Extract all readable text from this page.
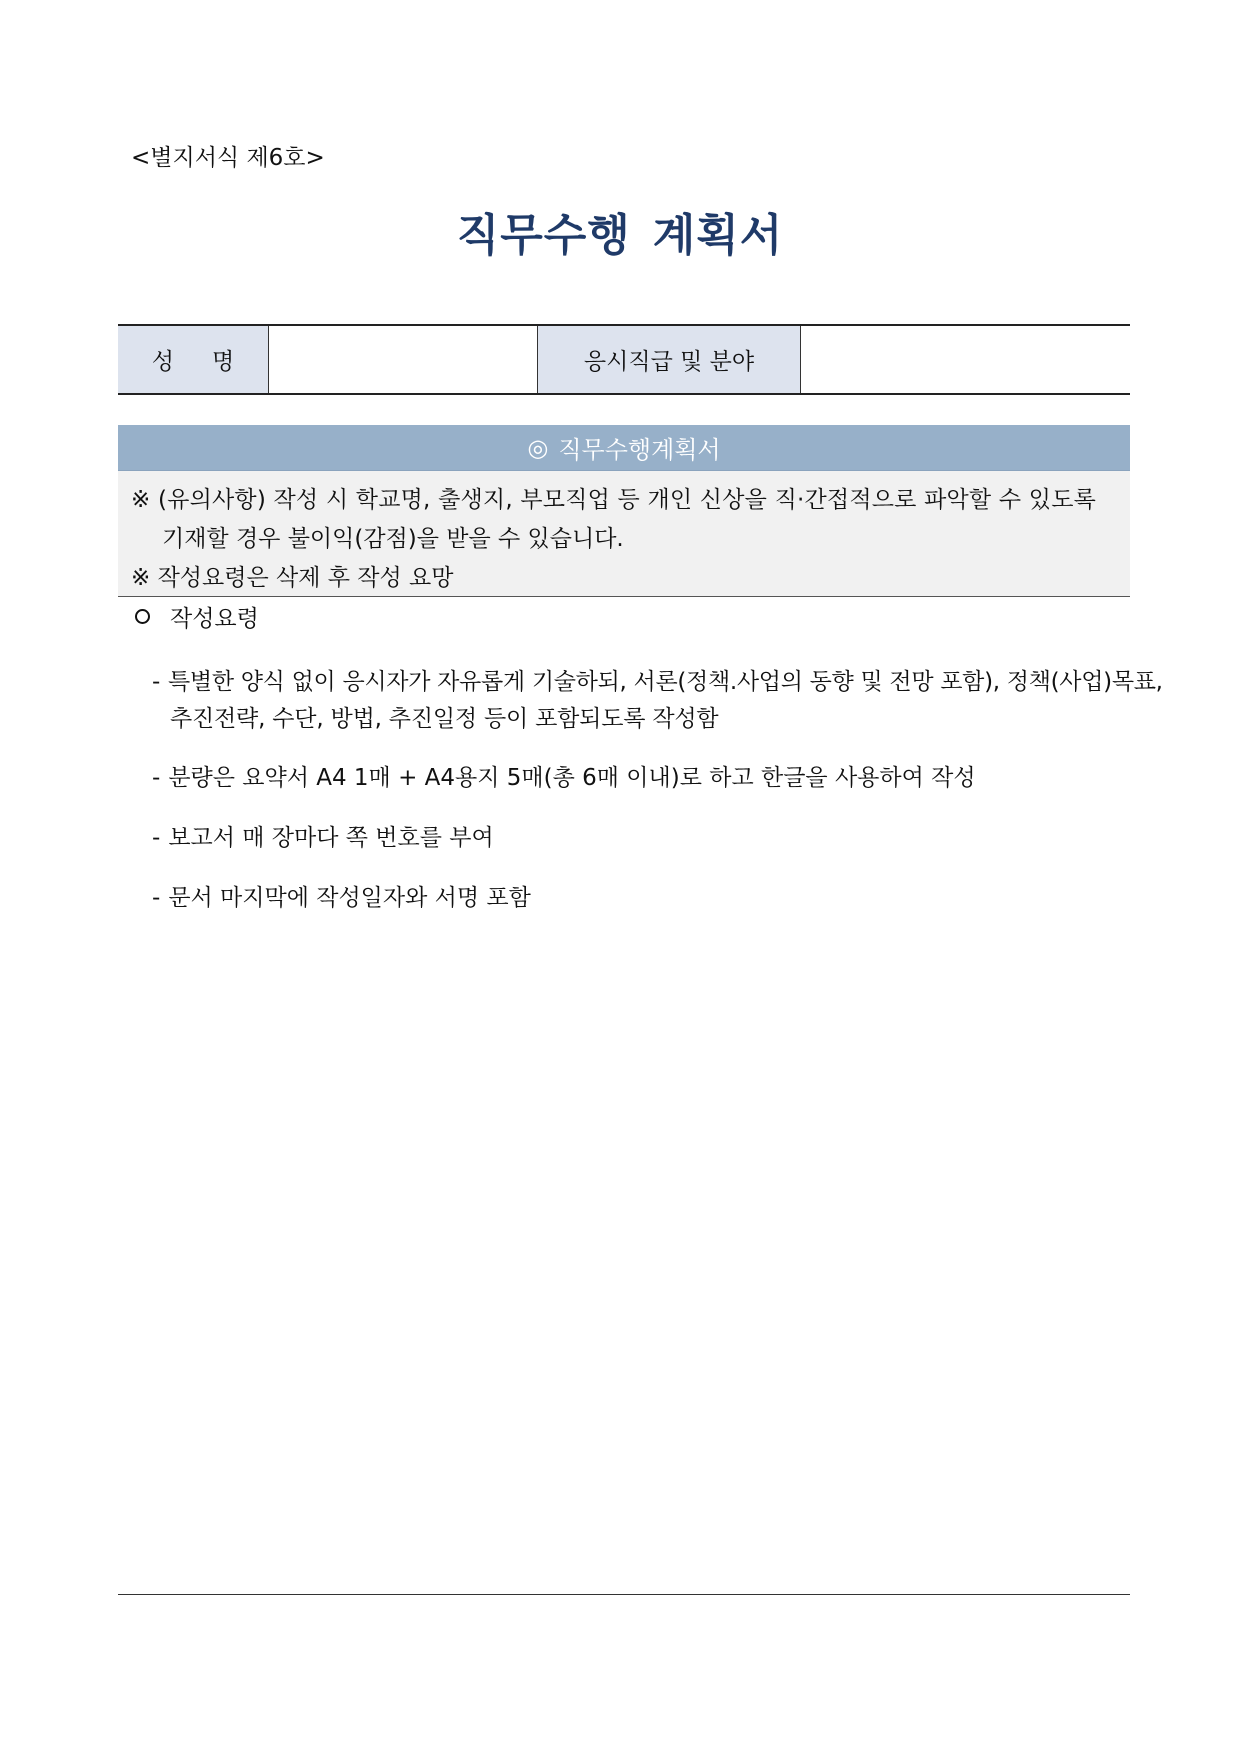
<별지서식 제6호>
직무수행 계획서
성명	응시직급 및 분야
◎ 직무수행계획서
※ (유의사항) 작성 시 학교명, 출생지, 부모직업 등 개인 신상을 직·간접적으로 파악할 수 있도록
기재할 경우 불이익(감점)을 받을 수 있습니다.
※ 작성요령은 삭제 후 작성 요망
작성요령
- 특별한 양식 없이 응시자가 자유롭게 기술하되, 서론(정책.사업의 동향 및 전망 포함), 정책(사업)목표,
추진전략, 수단, 방법, 추진일정 등이 포함되도록 작성함
- 분량은 요약서 A4 1매 + A4용지 5매(총 6매 이내)로 하고 한글을 사용하여 작성
- 보고서 매 장마다 쪽 번호를 부여
- 문서 마지막에 작성일자와 서명 포함
